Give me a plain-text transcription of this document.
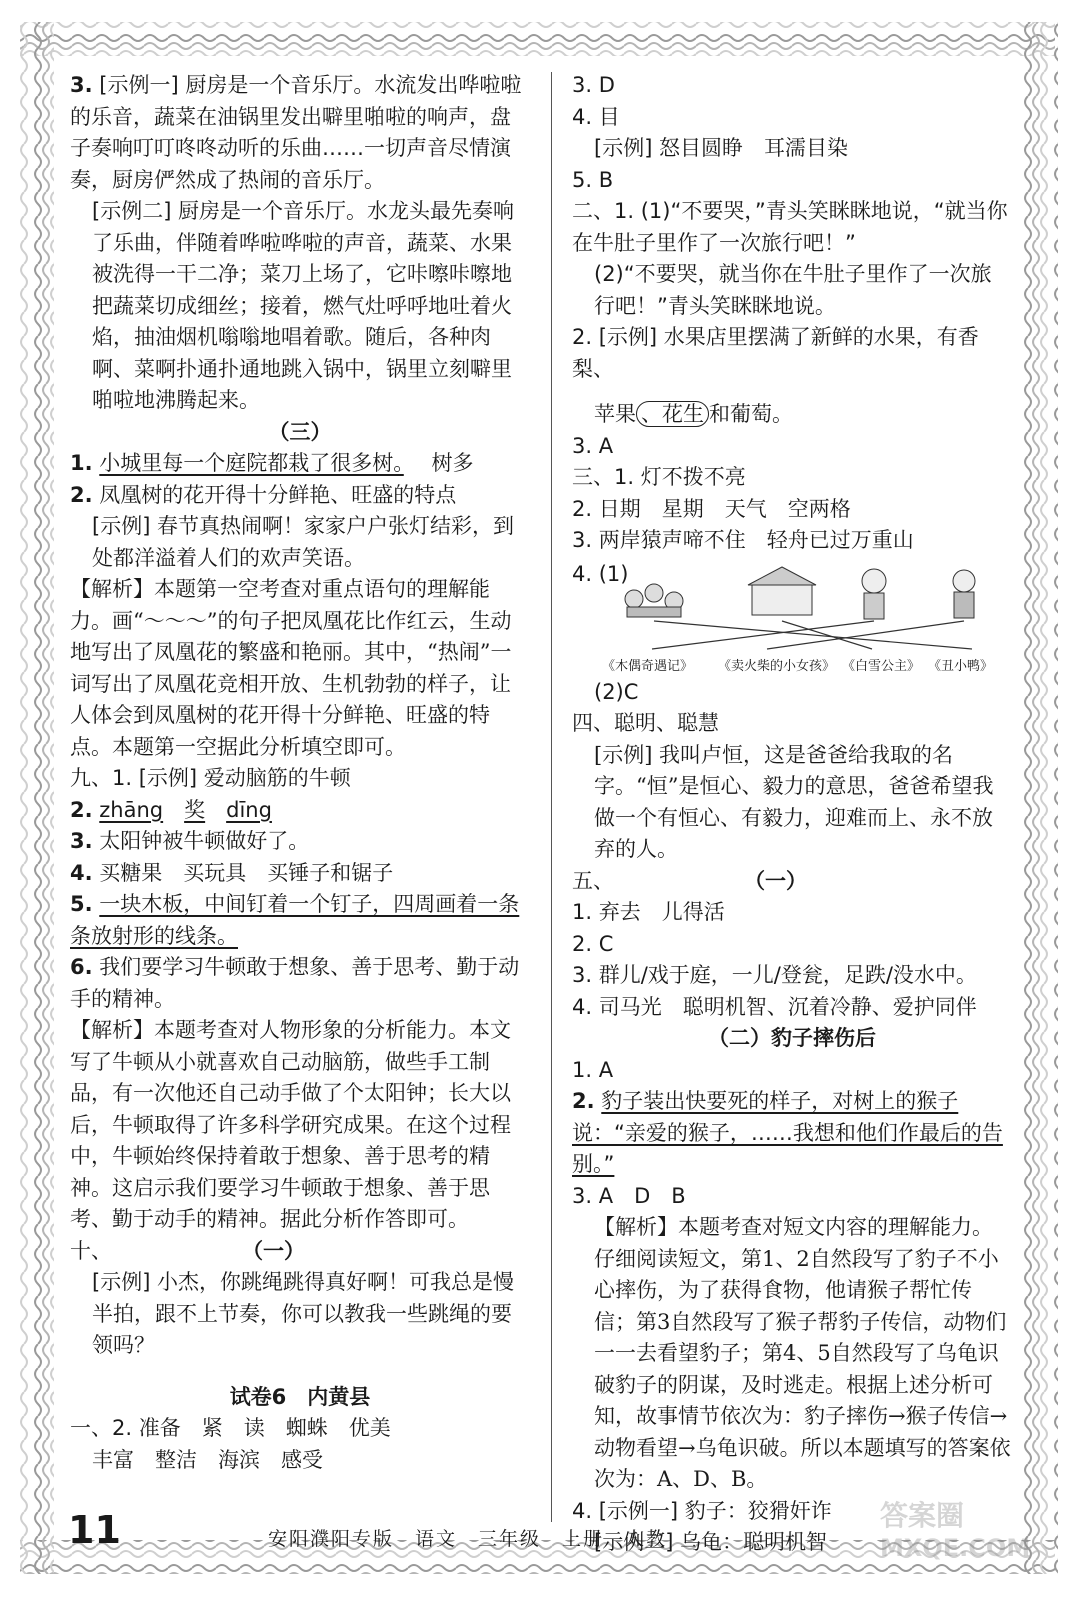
3. [示例一] 厨房是一个音乐厅。水流发出哗啦啦的乐音，蔬菜在油锅里发出噼里啪啦的响声，盘子奏响叮叮咚咚动听的乐曲……一切声音尽情演奏，厨房俨然成了热闹的音乐厅。

[示例二] 厨房是一个音乐厅。水龙头最先奏响了乐曲，伴随着哗啦哗啦的声音，蔬菜、水果被洗得一干二净；菜刀上场了，它咔嚓咔嚓地把蔬菜切成细丝；接着，燃气灶呼呼地吐着火焰，抽油烟机嗡嗡地唱着歌。随后，各种肉啊、菜啊扑通扑通地跳入锅中，锅里立刻噼里啪啦地沸腾起来。

（三）

1. 小城里每一个庭院都栽了很多树。　 树多

2. 凤凰树的花开得十分鲜艳、旺盛的特点

[示例] 春节真热闹啊！家家户户张灯结彩，到处都洋溢着人们的欢声笑语。

【解析】本题第一空考查对重点语句的理解能力。画“～～～”的句子把凤凰花比作红云，生动地写出了凤凰花的繁盛和艳丽。其中，“热闹”一词写出了凤凰花竞相开放、生机勃勃的样子，让人体会到凤凰树的花开得十分鲜艳、旺盛的特点。本题第一空据此分析填空即可。

九、1. [示例] 爱动脑筋的牛顿

2. zhāng　 奖　 dīng

3. 太阳钟被牛顿做好了。

4. 买糖果　买玩具　买锤子和锯子

5. 一块木板，中间钉着一个钉子，四周画着一条条放射形的线条。

6. 我们要学习牛顿敢于想象、善于思考、勤于动手的精神。

【解析】本题考查对人物形象的分析能力。本文写了牛顿从小就喜欢自己动脑筋，做些手工制品，有一次他还自己动手做了个太阳钟；长大以后，牛顿取得了许多科学研究成果。在这个过程中，牛顿始终保持着敢于想象、善于思考的精神。这启示我们要学习牛顿敢于想象、善于思考、勤于动手的精神。据此分析作答即可。

十、	（一）

[示例] 小杰，你跳绳跳得真好啊！可我总是慢半拍，跟不上节奏，你可以教我一些跳绳的要领吗？

试卷6　内黄县

一、2. 准备　紧　读　蜘蛛　优美

丰富　整洁　海滨　感受

3. D

4. 目

[示例] 怒目圆睁　耳濡目染

5. B

二、1. (1)“不要哭，”青头笑眯眯地说，“就当你在牛肚子里作了一次旅行吧！”

(2)“不要哭，就当你在牛肚子里作了一次旅行吧！”青头笑眯眯地说。

2. [示例] 水果店里摆满了新鲜的水果，有香梨、

苹果 、花生 和葡萄。

3. A

三、1. 灯不拨不亮

2. 日期　星期　天气　空两格

3. 两岸猿声啼不住　轻舟已过万重山

4. (1)
《木偶奇遇记》 《卖火柴的小女孩》 《白雪公主》 《丑小鸭》

(2)C

四、聪明、聪慧

[示例] 我叫卢恒，这是爸爸给我取的名字。“恒”是恒心、毅力的意思，爸爸希望我做一个有恒心、有毅力，迎难而上、永不放弃的人。

五、	（一）

1. 弃去　儿得活

2. C

3. 群儿/戏于庭，一儿/登瓮，足跌/没水中。

4. 司马光　聪明机智、沉着冷静、爱护同伴

（二）豹子摔伤后

1. A

2. 豹子装出快要死的样子，对树上的猴子说：“亲爱的猴子，……我想和他们作最后的告别。”

3. A　D　B

【解析】本题考查对短文内容的理解能力。仔细阅读短文，第1、2自然段写了豹子不小心摔伤，为了获得食物，他请猴子帮忙传信；第3自然段写了猴子帮豹子传信，动物们一一去看望豹子；第4、5自然段写了乌龟识破豹子的阴谋，及时逃走。根据上述分析可知，故事情节依次为：豹子摔伤→猴子传信→动物看望→乌龟识破。所以本题填写的答案依次为：A、D、B。

4. [示例一] 豹子：狡猾奸诈

[示例二] 乌龟：聪明机智

11	安阳濮阳专版　语文　三年级　上册　人教
答案圈
MXQE.COM
